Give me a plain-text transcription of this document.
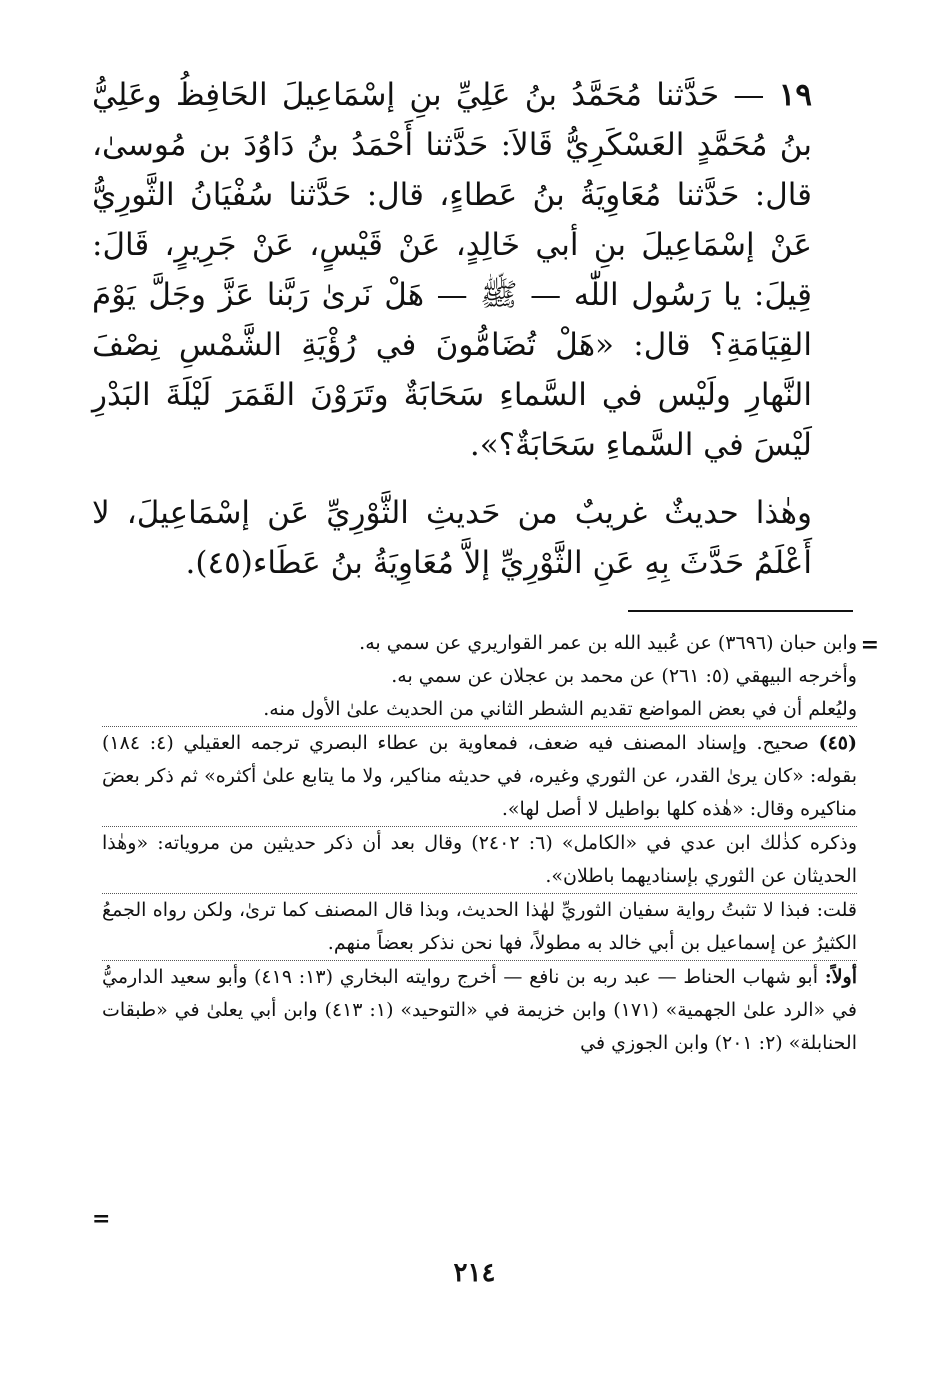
١٩ — حَدَّثنا مُحَمَّدُ بنُ عَلِيِّ بنِ إسْمَاعِيلَ الحَافِظُ وعَلِيُّ بنُ مُحَمَّدٍ العَسْكَرِيُّ قَالاَ: حَدَّثنا أَحْمَدُ بنُ دَاوُدَ بن مُوسىٰ، قال: حَدَّثنا مُعَاوِيَةُ بنُ عَطاءٍ، قال: حَدَّثنا سُفْيَانُ الثَّورِيُّ عَنْ إسْمَاعِيلَ بنِ أبي خَالِدٍ، عَنْ قَيْسٍ، عَنْ جَرِيرٍ، قَالَ: قِيلَ: يا رَسُول اللّٰه — ﷺ — هَلْ نَرىٰ رَبَّنا عَزَّ وجَلَّ يَوْمَ القِيَامَةِ؟ قال: «هَلْ تُضَامُّونَ في رُؤْيَةِ الشَّمْسِ نِصْفَ النَّهارِ ولَيْس في السَّماءِ سَحَابَةٌ وتَرَوْنَ القَمَرَ لَيْلَةَ البَدْرِ لَيْسَ في السَّماءِ سَحَابَةٌ؟».

وهٰذا حديثٌ غريبٌ من حَديثِ الثَّوْرِيِّ عَن إسْمَاعِيلَ، لا أَعْلَمُ حَدَّثَ بِهِ عَنِ الثَّوْرِيِّ إلاَّ مُعَاوِيَةُ بنُ عَطَاء(٤٥).

=

وابن حبان (٣٦٩٦) عن عُبيد الله بن عمر القواريري عن سمي به.

وأخرجه البيهقي (٥: ٢٦١) عن محمد بن عجلان عن سمي به.

وليُعلم أن في بعض المواضع تقديم الشطر الثاني من الحديث علىٰ الأول منه.

(٤٥) صحيح. وإسناد المصنف فيه ضعف، فمعاوية بن عطاء البصري ترجمه العقيلي (٤: ١٨٤) بقوله: «كان يرىٰ القدر، عن الثوري وغيره، في حديثه مناكير، ولا ما يتابع علىٰ أكثره» ثم ذكر بعضَ مناكيره وقال: «هٰذه كلها بواطيل لا أصل لها».

وذكره كذٰلك ابن عدي في «الكامل» (٦: ٢٤٠٢) وقال بعد أن ذكر حديثين من مروياته: «وهٰذا الحديثان عن الثوري بإسناديهما باطلان».

قلت: فبذا لا تثبتُ رواية سفيان الثوريِّ لهٰذا الحديث، وبذا قال المصنف كما ترىٰ، ولكن رواه الجمعُ الكثيرُ عن إسماعيل بن أبي خالد به مطولاً، فها نحن نذكر بعضاً منهم.

أولاً: أبو شهاب الحناط — عبد ربه بن نافع — أخرج روايته البخاري (١٣: ٤١٩) وأبو سعيد الدارميُّ في «الرد علىٰ الجهمية» (١٧١) وابن خزيمة في «التوحيد» (١: ٤١٣) وابن أبي يعلىٰ في «طبقات الحنابلة» (٢: ٢٠١) وابن الجوزي في

=
٢١٤
